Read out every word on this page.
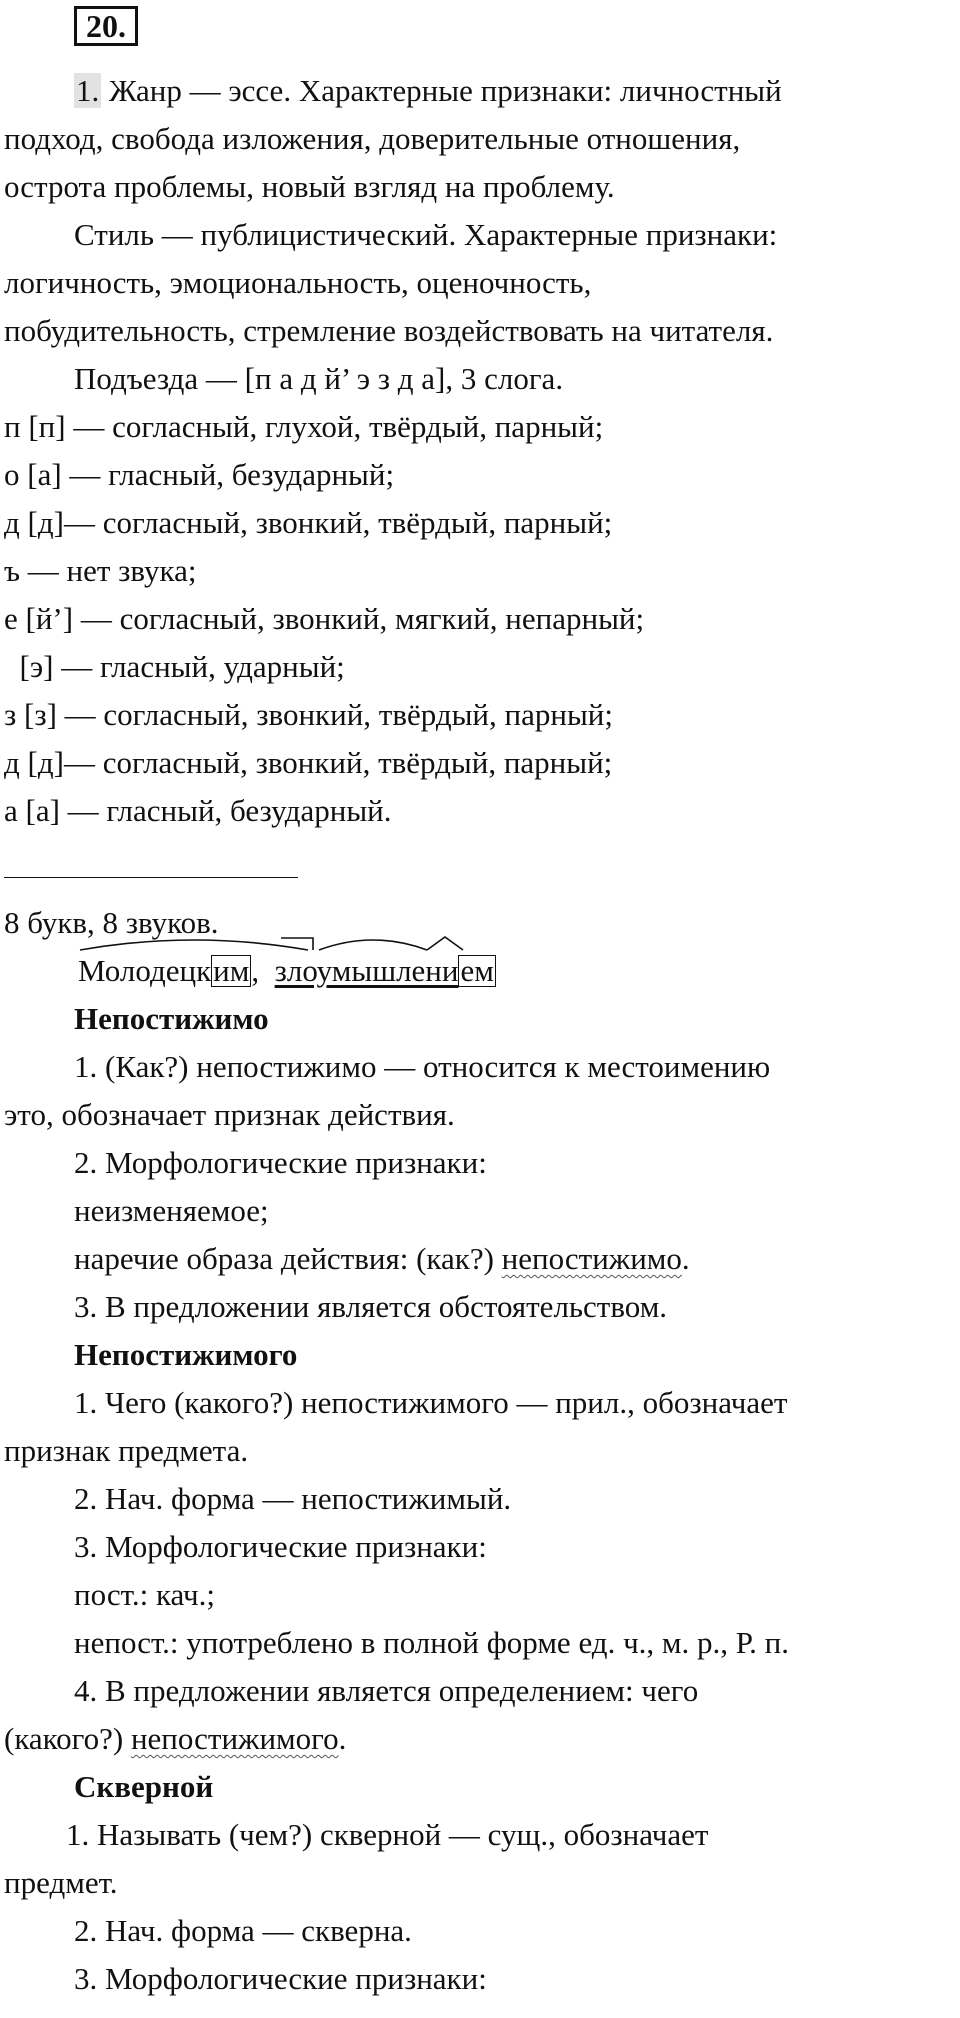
20.
1. Жанр — эссе. Характерные признаки: личностный
подход, свобода изложения, доверительные отношения,
острота проблемы, новый взгляд на проблему.
Стиль — публицистический. Характерные признаки:
логичность, эмоциональность, оценочность,
побудительность, стремление воздействовать на читателя.
Подъезда — [п а д й’ э з д а], 3 слога.
п [п] — согласный, глухой, твёрдый, парный;
о [а] — гласный, безударный;
д [д]— согласный, звонкий, твёрдый, парный;
ъ — нет звука;
е [й’] — согласный, звонкий, мягкий, непарный;
[э] — гласный, ударный;
з [з] — согласный, звонкий, твёрдый, парный;
д [д]— согласный, звонкий, твёрдый, парный;
а [а] — гласный, безударный.
8 букв, 8 звуков.
Молодецким,
злоумышлением
Непостижимо
1. (Как?) непостижимо — относится к местоимению
это, обозначает признак действия.
2. Морфологические признаки:
неизменяемое;
наречие образа действия: (как?) непостижимо.
3. В предложении является обстоятельством.
Непостижимого
1. Чего (какого?) непостижимого — прил., обозначает
признак предмета.
2. Нач. форма — непостижимый.
3. Морфологические признаки:
пост.: кач.;
непост.: употреблено в полной форме ед. ч., м. р., Р. п.
4. В предложении является определением: чего
(какого?) непостижимого.
Скверной
1. Называть (чем?) скверной — сущ., обозначает
предмет.
2. Нач. форма — скверна.
3. Морфологические признаки:
